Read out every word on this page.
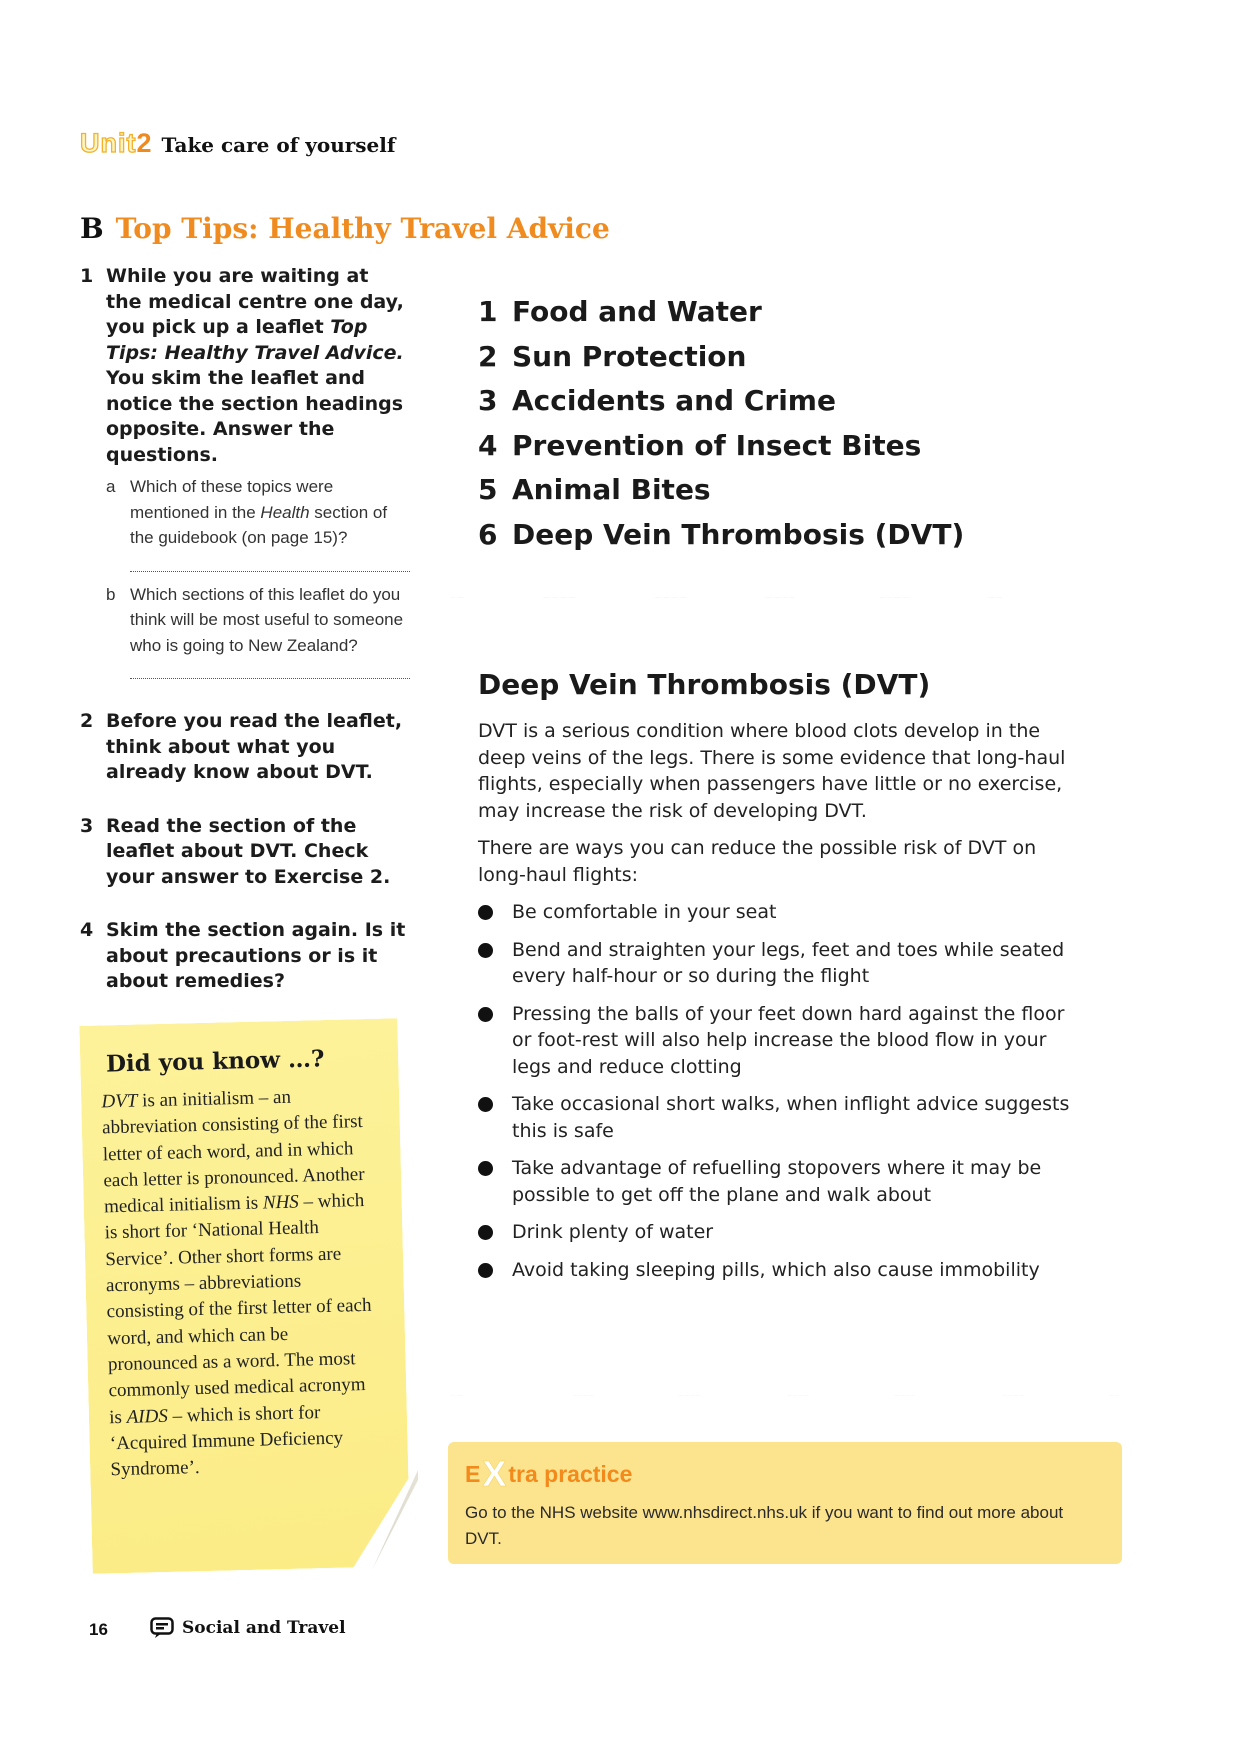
Unit 2 Take care of yourself
B Top Tips: Healthy Travel Advice
1 While you are waiting at the medical centre one day, you pick up a leaflet Top Tips: Healthy Travel Advice. You skim the leaflet and notice the section headings opposite. Answer the questions.
a Which of these topics were mentioned in the Health section of the guidebook (on page 15)?
b Which sections of this leaflet do you think will be most useful to someone who is going to New Zealand?
2 Before you read the leaflet, think about what you already know about DVT.
3 Read the section of the leaflet about DVT. Check your answer to Exercise 2.
4 Skim the section again. Is it about precautions or is it about remedies?
Did you know …?
DVT is an initialism – an abbreviation consisting of the first letter of each word, and in which each letter is pronounced. Another medical initialism is NHS – which is short for ‘National Health Service’. Other short forms are acronyms – abbreviations consisting of the first letter of each word, and which can be pronounced as a word. The most commonly used medical acronym is AIDS – which is short for ‘Acquired Immune Deficiency Syndrome’.
1 Food and Water
2 Sun Protection
3 Accidents and Crime
4 Prevention of Insect Bites
5 Animal Bites
6 Deep Vein Thrombosis (DVT)
Deep Vein Thrombosis (DVT)

DVT is a serious condition where blood clots develop in the deep veins of the legs. There is some evidence that long-haul flights, especially when passengers have little or no exercise, may increase the risk of developing DVT.

There are ways you can reduce the possible risk of DVT on long-haul flights:

Be comfortable in your seat
Bend and straighten your legs, feet and toes while seated every half-hour or so during the flight
Pressing the balls of your feet down hard against the floor or foot-rest will also help increase the blood flow in your legs and reduce clotting
Take occasional short walks, when inflight advice suggests this is safe
Take advantage of refuelling stopovers where it may be possible to get off the plane and walk about
Drink plenty of water
Avoid taking sleeping pills, which also cause immobility
E X tra practice
Go to the NHS website www.nhsdirect.nhs.uk if you want to find out more about DVT.
16	Social and Travel
